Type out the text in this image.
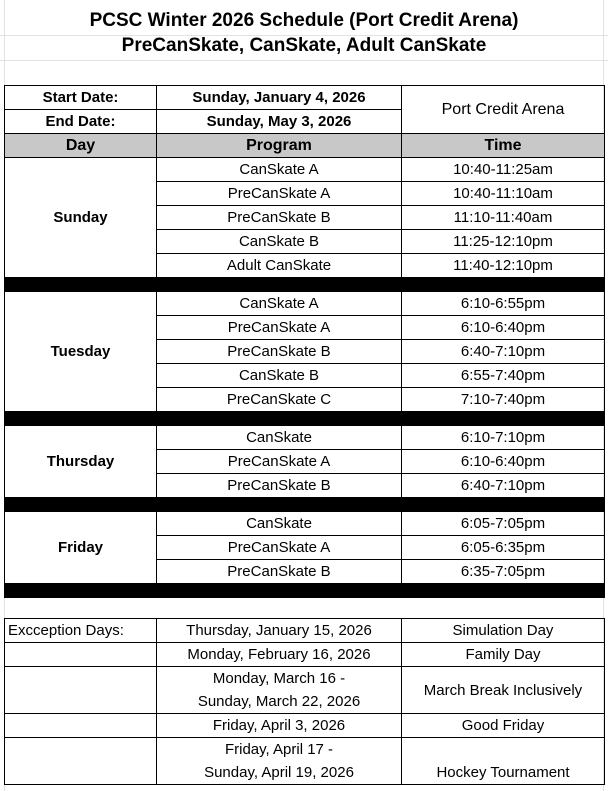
PCSC Winter 2026 Schedule (Port Credit Arena)
PreCanSkate, CanSkate, Adult CanSkate
Start Date:	Sunday, January 4, 2026	Port Credit Arena
End Date:	Sunday, May 3, 2026	
Day	Program	Time
Sunday	CanSkate A	10:40-11:25am
	PreCanSkate A	10:40-11:10am
	PreCanSkate B	11:10-11:40am
	CanSkate B	11:25-12:10pm
	Adult CanSkate	11:40-12:10pm

Tuesday	CanSkate A	6:10-6:55pm
	PreCanSkate A	6:10-6:40pm
	PreCanSkate B	6:40-7:10pm
	CanSkate B	6:55-7:40pm
	PreCanSkate C	7:10-7:40pm

Thursday	CanSkate	6:10-7:10pm
	PreCanSkate A	6:10-6:40pm
	PreCanSkate B	6:40-7:10pm

Friday	CanSkate	6:05-7:05pm
	PreCanSkate A	6:05-6:35pm
	PreCanSkate B	6:35-7:05pm

Excception Days:	Thursday, January 15, 2026	Simulation Day
	Monday, February 16, 2026	Family Day

	Monday, March 16 -
Sunday, March 22, 2026	March Break Inclusively
	Friday, April 3, 2026	Good Friday

	Friday, April 17 -
Sunday, April 19, 2026	Hockey Tournament
